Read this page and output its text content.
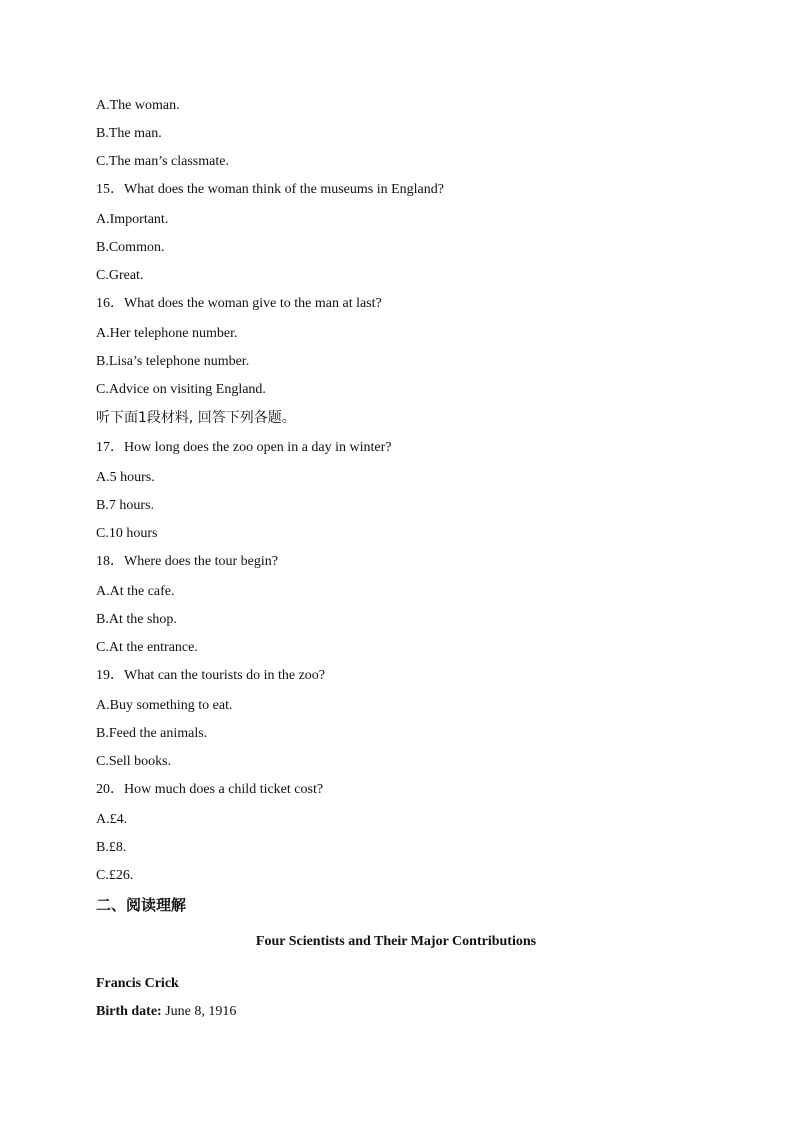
A.The woman.
B.The man.
C.The man’s classmate.
15．What does the woman think of the museums in England?
A.Important.
B.Common.
C.Great.
16．What does the woman give to the man at last?
A.Her telephone number.
B.Lisa’s telephone number.
C.Advice on visiting England.
听下面1段材料, 回答下列各题。
17．How long does the zoo open in a day in winter?
A.5 hours.
B.7 hours.
C.10 hours
18．Where does the tour begin?
A.At the cafe.
B.At the shop.
C.At the entrance.
19．What can the tourists do in the zoo?
A.Buy something to eat.
B.Feed the animals.
C.Sell books.
20．How much does a child ticket cost?
A.£4.
B.£8.
C.£26.
二、阅读理解
Four Scientists and Their Major Contributions
Francis Crick
Birth date: June 8, 1916
